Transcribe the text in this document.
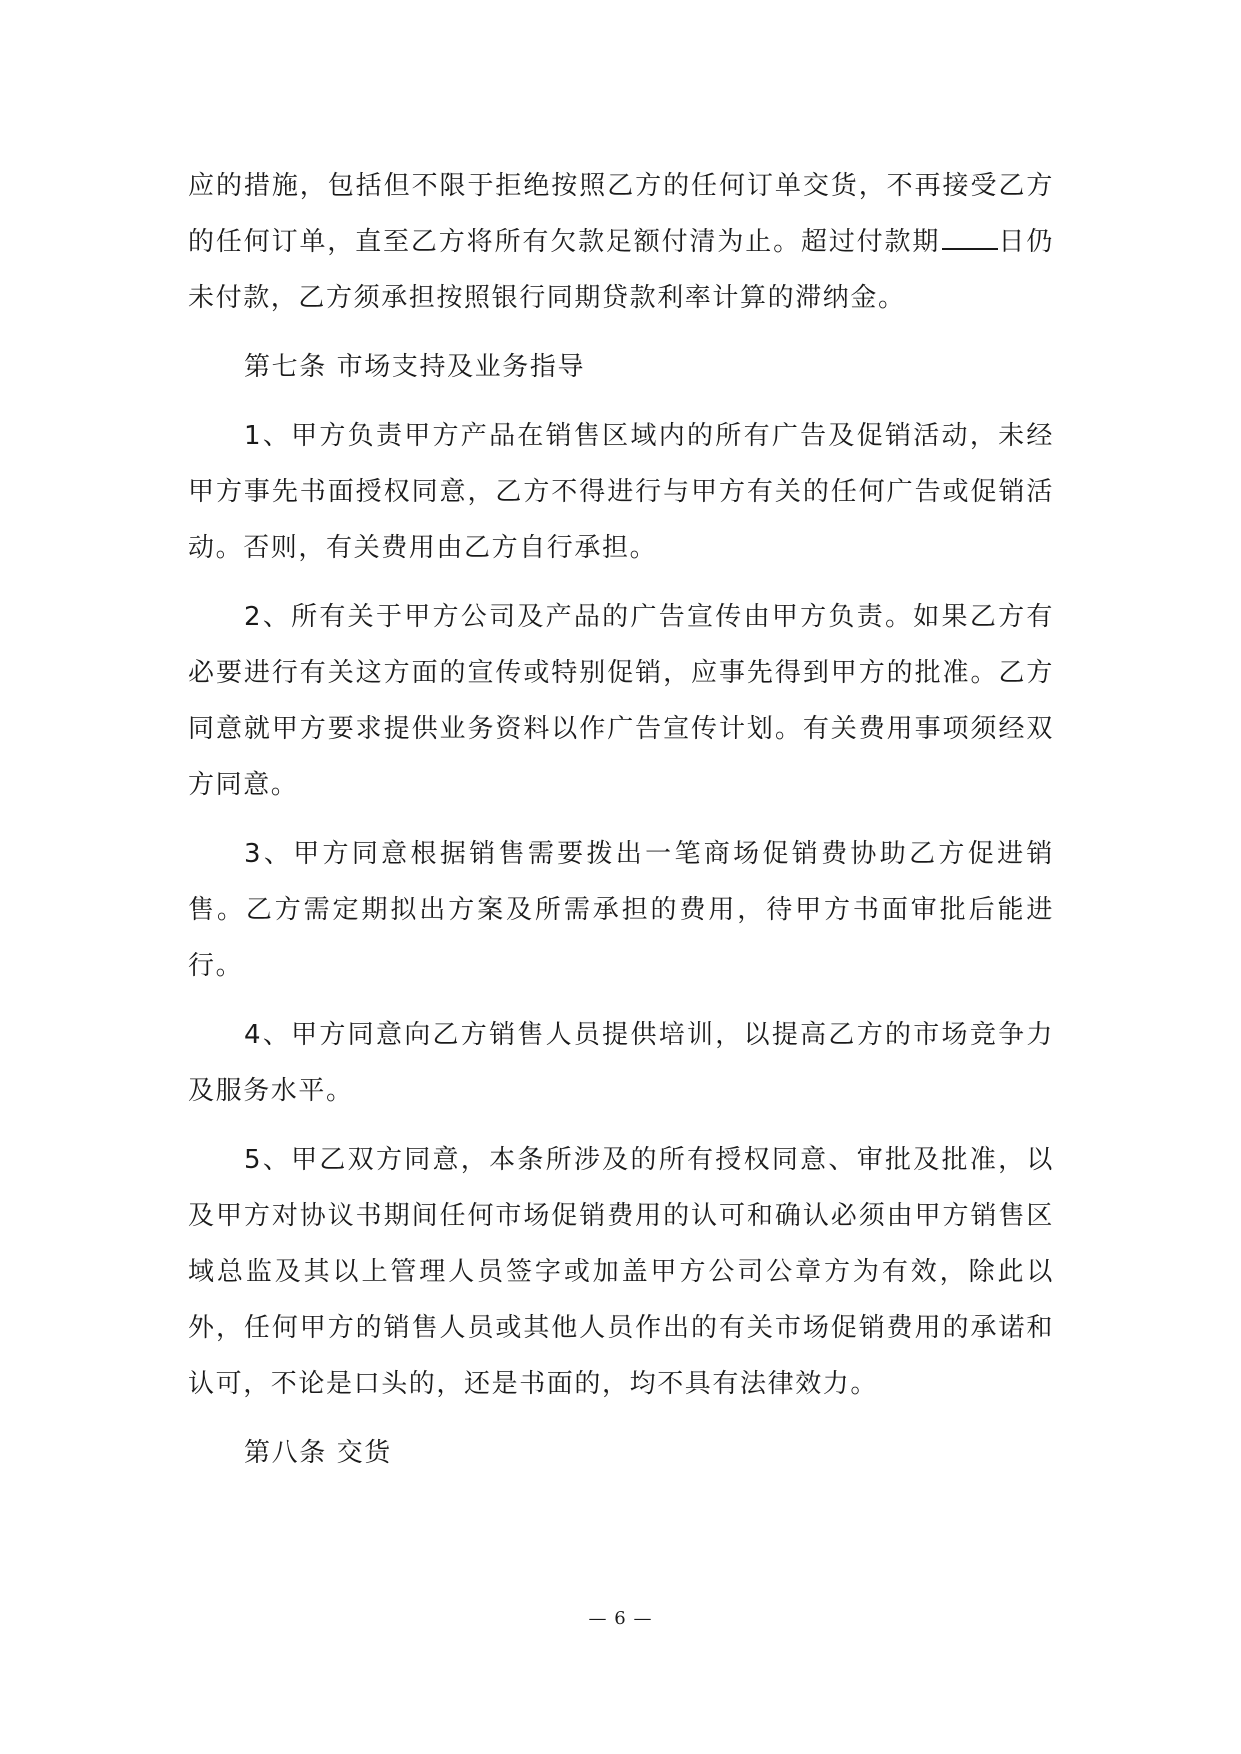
应的措施，包括但不限于拒绝按照乙方的任何订单交货，不再接受乙方的任何订单，直至乙方将所有欠款足额付清为止。超过付款期 日仍未付款，乙方须承担按照银行同期贷款利率计算的滞纳金。

第七条 市场支持及业务指导

1、甲方负责甲方产品在销售区域内的所有广告及促销活动，未经甲方事先书面授权同意，乙方不得进行与甲方有关的任何广告或促销活动。否则，有关费用由乙方自行承担。

2、所有关于甲方公司及产品的广告宣传由甲方负责。如果乙方有必要进行有关这方面的宣传或特别促销，应事先得到甲方的批准。乙方同意就甲方要求提供业务资料以作广告宣传计划。有关费用事项须经双方同意。

3、甲方同意根据销售需要拨出一笔商场促销费协助乙方促进销售。乙方需定期拟出方案及所需承担的费用，待甲方书面审批后能进行。

4、甲方同意向乙方销售人员提供培训，以提高乙方的市场竞争力及服务水平。

5、甲乙双方同意，本条所涉及的所有授权同意、审批及批准，以及甲方对协议书期间任何市场促销费用的认可和确认必须由甲方销售区域总监及其以上管理人员签字或加盖甲方公司公章方为有效，除此以外，任何甲方的销售人员或其他人员作出的有关市场促销费用的承诺和认可，不论是口头的，还是书面的，均不具有法律效力。

第八条 交货

— 6 —
